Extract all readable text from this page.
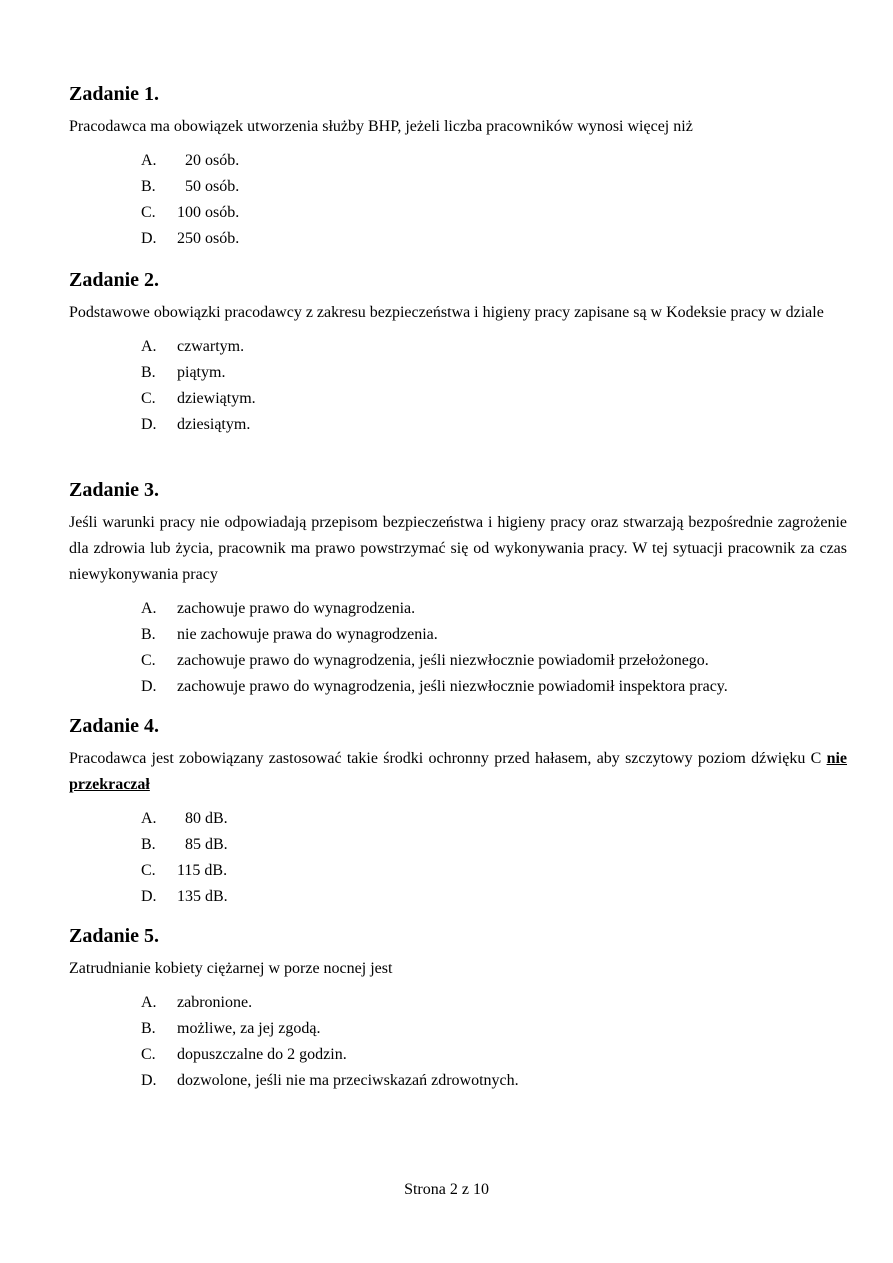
Zadanie 1.

Pracodawca ma obowiązek utworzenia służby BHP, jeżeli liczba pracowników wynosi więcej niż

A.	20 osób.
B.	50 osób.
C.	100 osób.
D.	250 osób.
Zadanie 2.

Podstawowe obowiązki pracodawcy z zakresu bezpieczeństwa i higieny pracy zapisane są w Kodeksie pracy w dziale

A.	czwartym.
B.	piątym.
C.	dziewiątym.
D.	dziesiątym.
Zadanie 3.

Jeśli warunki pracy nie odpowiadają przepisom bezpieczeństwa i higieny pracy oraz stwarzają bezpośrednie zagrożenie dla zdrowia lub życia, pracownik ma prawo powstrzymać się od wykonywania pracy. W tej sytuacji pracownik za czas niewykonywania pracy

A.	zachowuje prawo do wynagrodzenia.
B.	nie zachowuje prawa do wynagrodzenia.
C.	zachowuje prawo do wynagrodzenia, jeśli niezwłocznie powiadomił przełożonego.
D.	zachowuje prawo do wynagrodzenia, jeśli niezwłocznie powiadomił inspektora pracy.
Zadanie 4.

Pracodawca jest zobowiązany zastosować takie środki ochronny przed hałasem, aby szczytowy poziom dźwięku C nie przekraczał

A.	80 dB.
B.	85 dB.
C.	115 dB.
D.	135 dB.
Zadanie 5.

Zatrudnianie kobiety ciężarnej w porze nocnej jest

A.	zabronione.
B.	możliwe, za jej zgodą.
C.	dopuszczalne do 2 godzin.
D.	dozwolone, jeśli nie ma przeciwskazań zdrowotnych.
Strona 2 z 10
